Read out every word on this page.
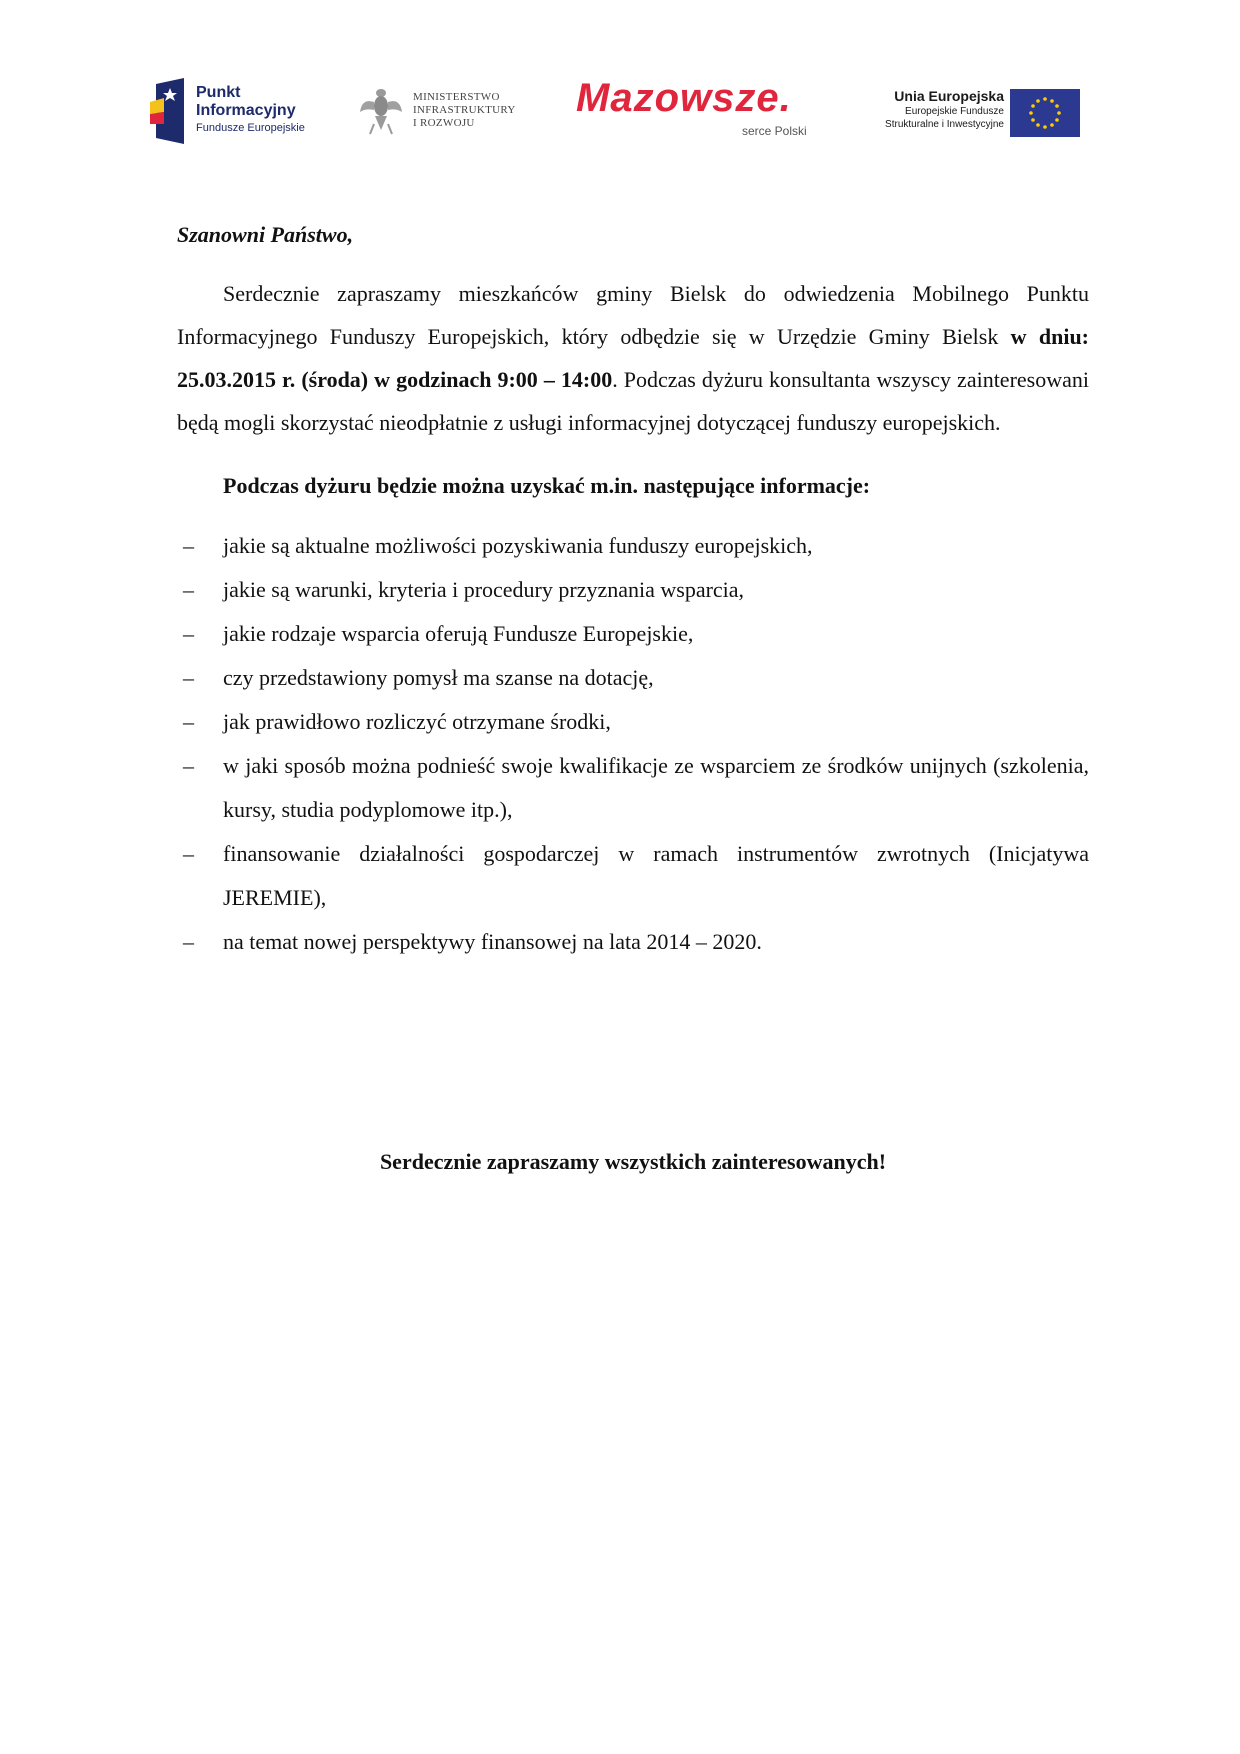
Punkt
Informacyjny
Fundusze Europejskie
MINISTERSTWO
INFRASTRUKTURY
I ROZWOJU
Mazowsze.
serce Polski
Unia Europejska
Europejskie Fundusze
Strukturalne i Inwestycyjne

Szanowni Państwo,

Serdecznie zapraszamy mieszkańców gminy Bielsk do odwiedzenia Mobilnego Punktu Informacyjnego Funduszy Europejskich, który odbędzie się w Urzędzie Gminy Bielsk w dniu: 25.03.2015 r. (środa) w godzinach 9:00 – 14:00. Podczas dyżuru konsultanta wszyscy zainteresowani będą mogli skorzystać nieodpłatnie z usługi informacyjnej dotyczącej funduszy europejskich.

Podczas dyżuru będzie można uzyskać m.in. następujące informacje:

– jakie są aktualne możliwości pozyskiwania funduszy europejskich,
– jakie są warunki, kryteria i procedury przyznania wsparcia,
– jakie rodzaje wsparcia oferują Fundusze Europejskie,
– czy przedstawiony pomysł ma szanse na dotację,
– jak prawidłowo rozliczyć otrzymane środki,
– w jaki sposób można podnieść swoje kwalifikacje ze wsparciem ze środków unijnych (szkolenia, kursy, studia podyplomowe itp.),
– finansowanie działalności gospodarczej w ramach instrumentów zwrotnych (Inicjatywa JEREMIE),
– na temat nowej perspektywy finansowej na lata 2014 – 2020.

Serdecznie zapraszamy wszystkich zainteresowanych!
